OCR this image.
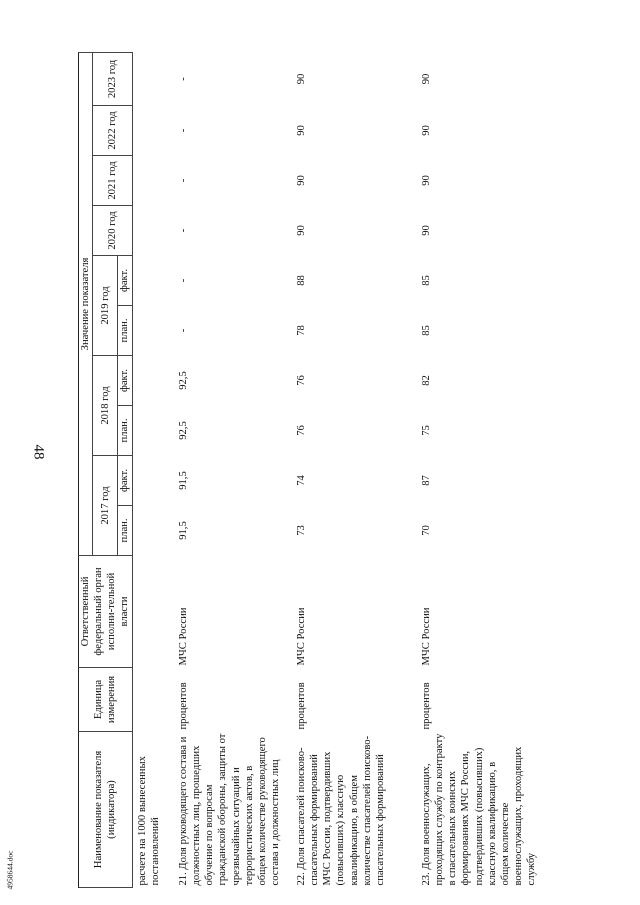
48
4958644.doc
Наименование показателя (индикатора)	Единица измерения	Ответственный федеральный орган исполни-тельной власти	Значение показателя									
			2017 год		2018 год		2019 год		2020 год	2021 год	2022 год	2023 год
			план.	факт.	план.	факт.	план.	факт.				
расчете на 1000 вынесенных постановлений												
21. Доля руководящего состава и должностных лиц, прошедших обучение по вопросам гражданской обороны, защиты от чрезвычайных ситуаций и террористических актов, в общем количестве руководящего состава и должностных лиц	процентов	МЧС России	91,5	91,5	92,5	92,5	-	-	-	-	-	-
22. Доля спасателей поисково-спасательных формирований МЧС России, подтвердивших (повысивших) классную квалификацию, в общем количестве спасателей поисково-спасательных формирований	процентов	МЧС России	73	74	76	76	78	88	90	90	90	90
23. Доля военнослужащих, проходящих службу по контракту в спасательных воинских формированиях МЧС России, подтвердивших (повысивших) классную квалификацию, в общем количестве военнослужащих, проходящих службу	процентов	МЧС России	70	87	75	82	85	85	90	90	90	90
